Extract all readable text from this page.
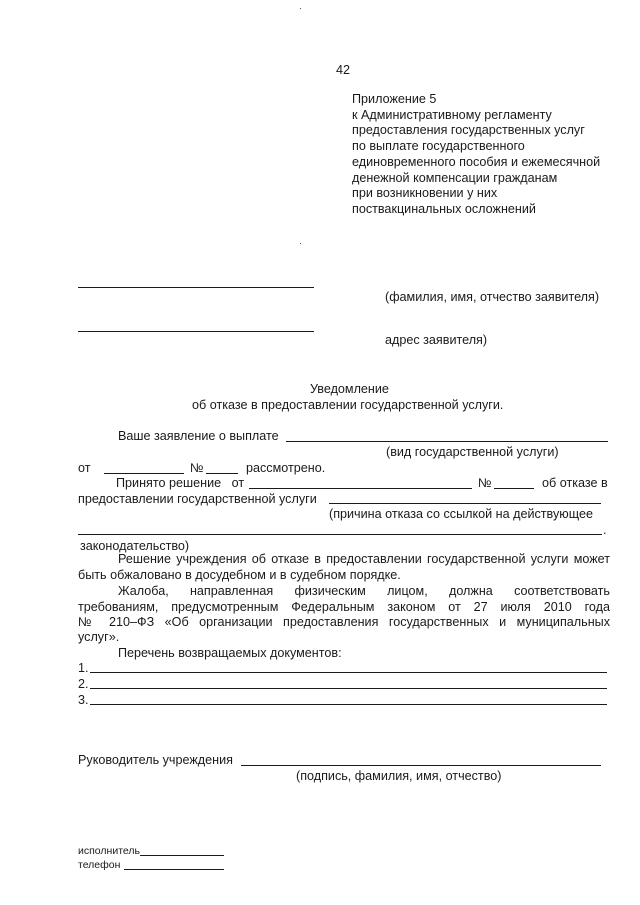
42
Приложение 5
к Административному регламенту
предоставления государственных услуг
по выплате государственного
единовременного пособия и ежемесячной
денежной компенсации гражданам
при возникновении у них
поствакцинальных осложнений
(фамилия, имя, отчество заявителя)
адрес заявителя)
Уведомление
об отказе в предоставлении государственной услуги.
Ваше заявление о выплате
(вид государственной услуги)
от	№	рассмотрено.
Принято решение   от	№	об отказе в
предоставлении государственной услуги
(причина отказа со ссылкой на действующее
.
законодательство)
Решение учреждения об отказе в предоставлении государственной услуги может
быть обжаловано в досудебном и в судебном порядке.
Жалоба, направленная физическим лицом, должна соответствовать
требованиям, предусмотренным Федеральным законом от 27 июля 2010 года
№ 210–ФЗ «Об организации предоставления государственных и муниципальных
услуг».
Перечень возвращаемых документов:
1.
2.
3.
Руководитель учреждения
(подпись, фамилия, имя, отчество)
исполнитель
телефон
